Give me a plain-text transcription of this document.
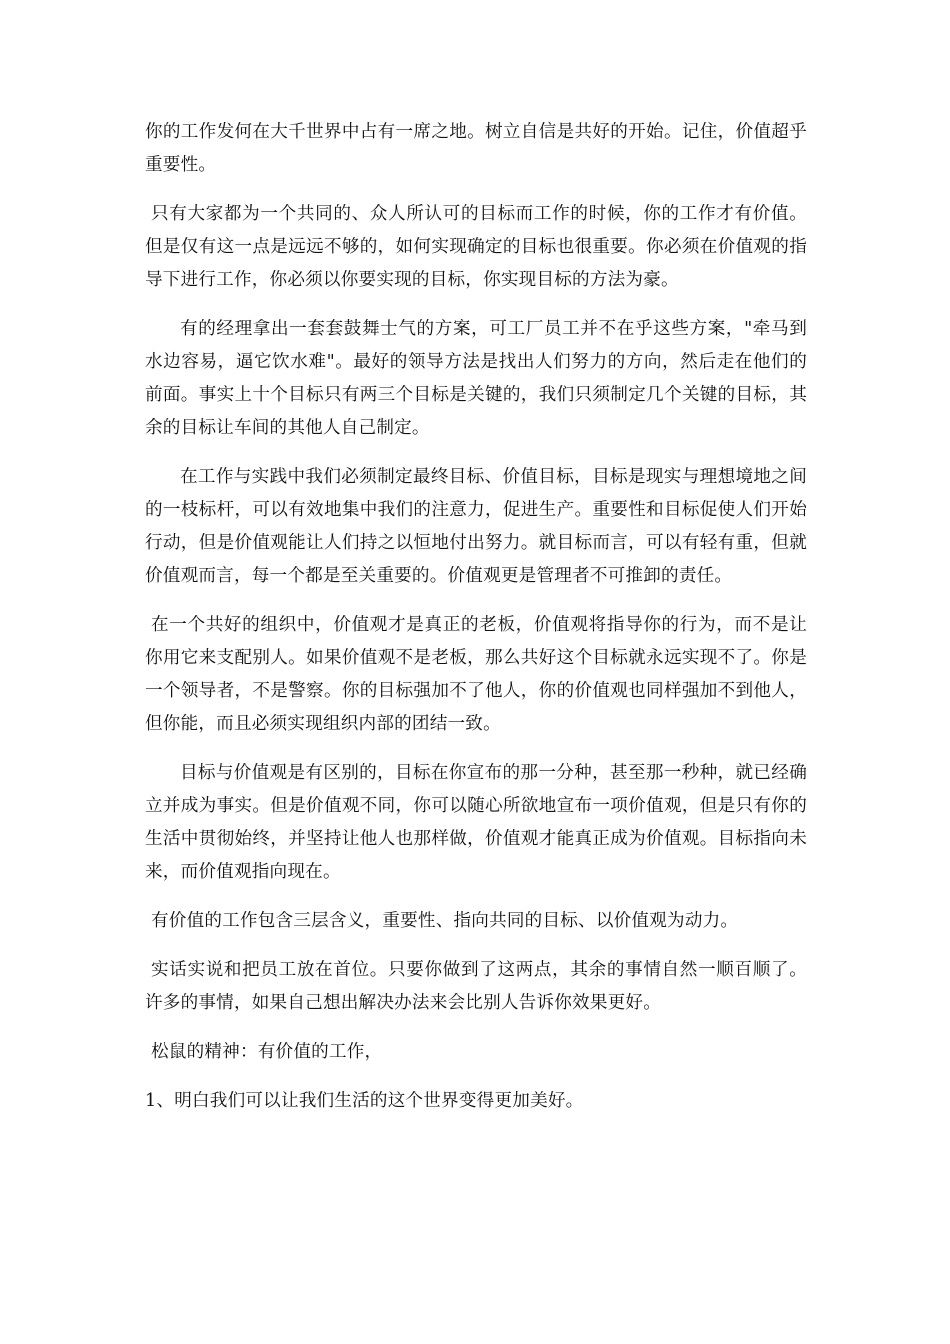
你的工作发何在大千世界中占有一席之地。树立自信是共好的开始。记住，价值超乎重要性。

只有大家都为一个共同的、众人所认可的目标而工作的时候，你的工作才有价值。但是仅有这一点是远远不够的，如何实现确定的目标也很重要。你必须在价值观的指导下进行工作，你必须以你要实现的目标，你实现目标的方法为豪。

有的经理拿出一套套鼓舞士气的方案，可工厂员工并不在乎这些方案，"牵马到水边容易，逼它饮水难"。最好的领导方法是找出人们努力的方向，然后走在他们的前面。事实上十个目标只有两三个目标是关键的，我们只须制定几个关键的目标，其余的目标让车间的其他人自己制定。

在工作与实践中我们必须制定最终目标、价值目标，目标是现实与理想境地之间的一枝标杆，可以有效地集中我们的注意力，促进生产。重要性和目标促使人们开始行动，但是价值观能让人们持之以恒地付出努力。就目标而言，可以有轻有重，但就价值观而言，每一个都是至关重要的。价值观更是管理者不可推卸的责任。

在一个共好的组织中，价值观才是真正的老板，价值观将指导你的行为，而不是让你用它来支配别人。如果价值观不是老板，那么共好这个目标就永远实现不了。你是一个领导者，不是警察。你的目标强加不了他人，你的价值观也同样强加不到他人，但你能，而且必须实现组织内部的团结一致。

目标与价值观是有区别的，目标在你宣布的那一分种，甚至那一秒种，就已经确立并成为事实。但是价值观不同，你可以随心所欲地宣布一项价值观，但是只有你的生活中贯彻始终，并坚持让他人也那样做，价值观才能真正成为价值观。目标指向未来，而价值观指向现在。

有价值的工作包含三层含义，重要性、指向共同的目标、以价值观为动力。

实话实说和把员工放在首位。只要你做到了这两点，其余的事情自然一顺百顺了。许多的事情，如果自己想出解决办法来会比别人告诉你效果更好。

松鼠的精神：有价值的工作，

1、明白我们可以让我们生活的这个世界变得更加美好。
